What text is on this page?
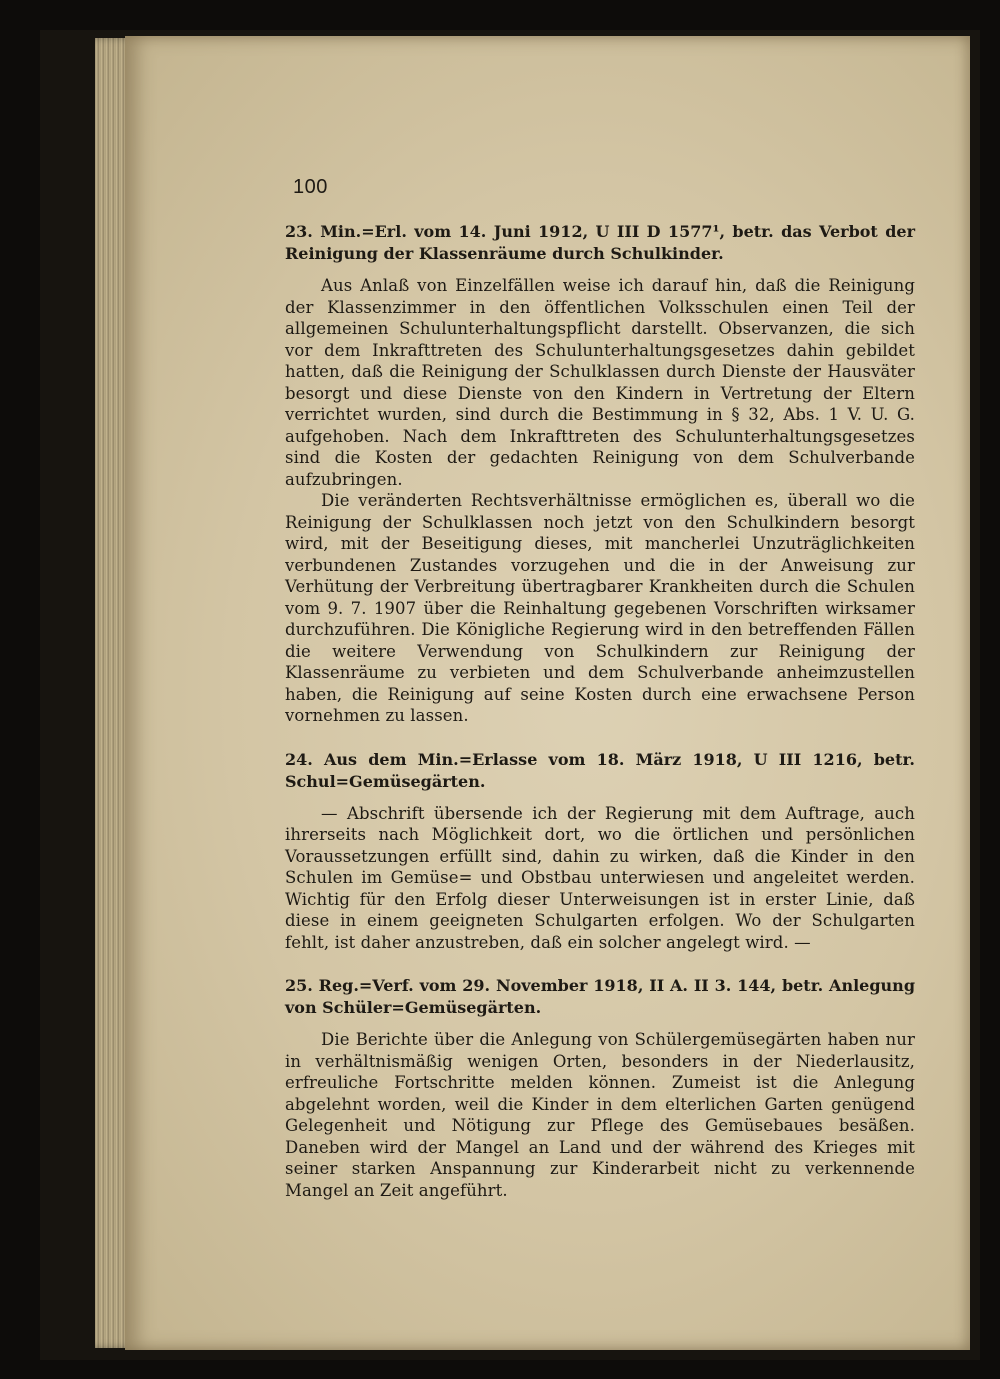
100
23. Min.=Erl. vom 14. Juni 1912, U III D 1577¹, betr. das Verbot der Reinigung der Klassenräume durch Schulkinder.

Aus Anlaß von Einzelfällen weise ich darauf hin, daß die Reinigung der Klassenzimmer in den öffentlichen Volksschulen einen Teil der allgemeinen Schulunterhaltungspflicht darstellt. Observanzen, die sich vor dem Inkrafttreten des Schulunterhaltungsgesetzes dahin gebildet hatten, daß die Reinigung der Schulklassen durch Dienste der Hausväter besorgt und diese Dienste von den Kindern in Vertretung der Eltern verrichtet wurden, sind durch die Bestimmung in § 32, Abs. 1 V. U. G. aufgehoben. Nach dem Inkrafttreten des Schulunterhaltungsgesetzes sind die Kosten der gedachten Reinigung von dem Schulverbande aufzubringen.

Die veränderten Rechtsverhältnisse ermöglichen es, überall wo die Reinigung der Schulklassen noch jetzt von den Schulkindern besorgt wird, mit der Beseitigung dieses, mit mancherlei Unzuträglichkeiten verbundenen Zustandes vorzugehen und die in der Anweisung zur Verhütung der Verbreitung übertragbarer Krankheiten durch die Schulen vom 9. 7. 1907 über die Reinhaltung gegebenen Vorschriften wirksamer durchzuführen. Die Königliche Regierung wird in den betreffenden Fällen die weitere Verwendung von Schulkindern zur Reinigung der Klassenräume zu verbieten und dem Schulverbande anheimzustellen haben, die Reinigung auf seine Kosten durch eine erwachsene Person vornehmen zu lassen.

24. Aus dem Min.=Erlasse vom 18. März 1918, U III 1216, betr. Schul=Gemüsegärten.

— Abschrift übersende ich der Regierung mit dem Auftrage, auch ihrerseits nach Möglichkeit dort, wo die örtlichen und persönlichen Voraussetzungen erfüllt sind, dahin zu wirken, daß die Kinder in den Schulen im Gemüse= und Obstbau unterwiesen und angeleitet werden. Wichtig für den Erfolg dieser Unterweisungen ist in erster Linie, daß diese in einem geeigneten Schulgarten erfolgen. Wo der Schulgarten fehlt, ist daher anzustreben, daß ein solcher angelegt wird. —

25. Reg.=Verf. vom 29. November 1918, II A. II 3. 144, betr. Anlegung von Schüler=Gemüsegärten.

Die Berichte über die Anlegung von Schülergemüsegärten haben nur in verhältnismäßig wenigen Orten, besonders in der Niederlausitz, erfreuliche Fortschritte melden können. Zumeist ist die Anlegung abgelehnt worden, weil die Kinder in dem elterlichen Garten genügend Gelegenheit und Nötigung zur Pflege des Gemüsebaues besäßen. Daneben wird der Mangel an Land und der während des Krieges mit seiner starken Anspannung zur Kinderarbeit nicht zu verkennende Mangel an Zeit angeführt.
